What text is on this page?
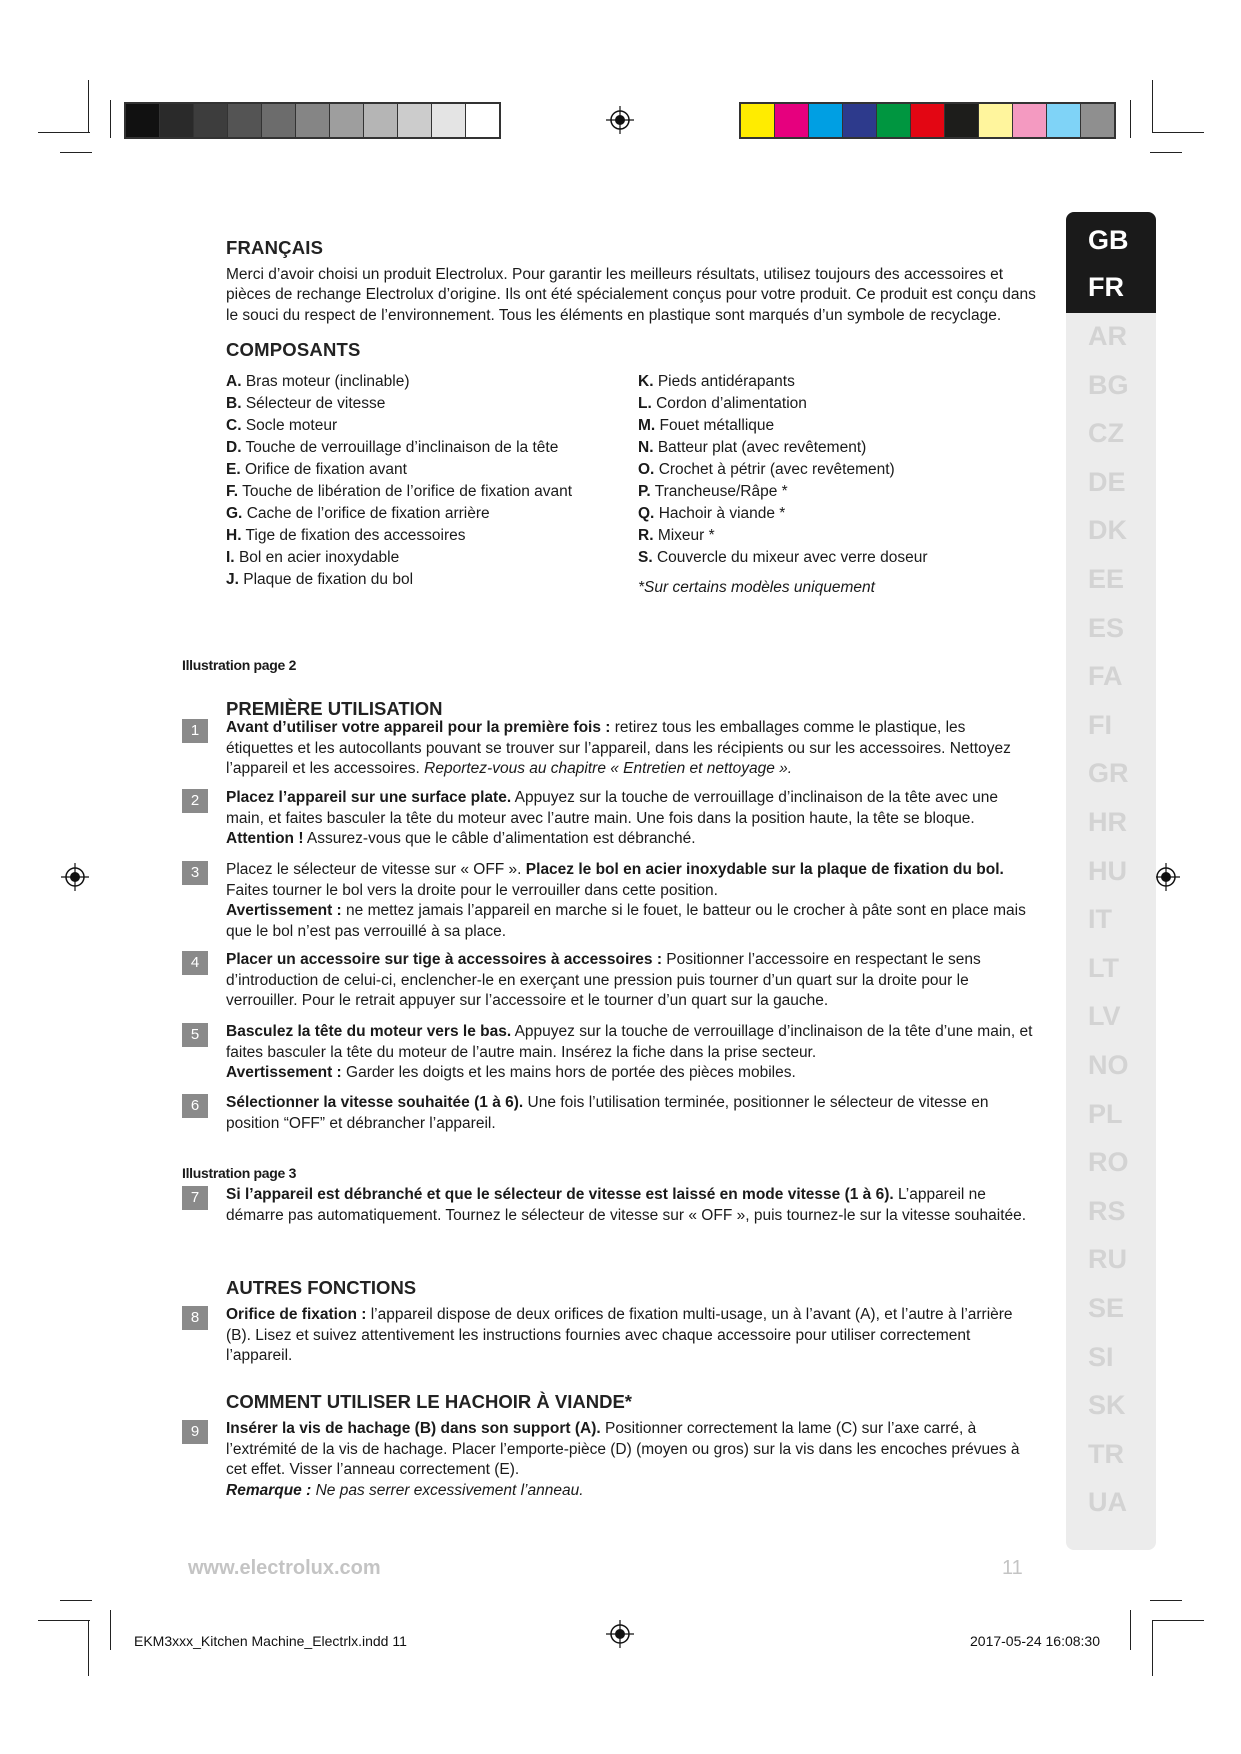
GB
FR
AR
BG
CZ
DE
DK
EE
ES
FA
FI
GR
HR
HU
IT
LT
LV
NO
PL
RO
RS
RU
SE
SI
SK
TR
UA
FRANÇAIS

Merci d’avoir choisi un produit Electrolux. Pour garantir les meilleurs résultats, utilisez toujours des accessoires et pièces de rechange Electrolux d’origine. Ils ont été spécialement conçus pour votre produit. Ce produit est conçu dans le souci du respect de l’environnement. Tous les éléments en plastique sont marqués d’un symbole de recyclage.

COMPOSANTS
A. Bras moteur (inclinable)
B. Sélecteur de vitesse
C. Socle moteur
D. Touche de verrouillage d’inclinaison de la tête
E. Orifice de fixation avant
F. Touche de libération de l’orifice de fixation avant
G. Cache de l’orifice de fixation arrière
H. Tige de fixation des accessoires
I. Bol en acier inoxydable
J. Plaque de fixation du bol
K. Pieds antidérapants
L. Cordon d’alimentation
M. Fouet métallique
N. Batteur plat (avec revêtement)
O. Crochet à pétrir (avec revêtement)
P. Trancheuse/Râpe *
Q. Hachoir à viande *
R. Mixeur *
S. Couvercle du mixeur avec verre doseur
*Sur certains modèles uniquement
Illustration page 2
PREMIÈRE UTILISATION
1	Avant d’utiliser votre appareil pour la première fois : retirez tous les emballages comme le plastique, les étiquettes et les autocollants pouvant se trouver sur l’appareil, dans les récipients ou sur les accessoires. Nettoyez l’appareil et les accessoires. Reportez-vous au chapitre « Entretien et nettoyage ».
2	Placez l’appareil sur une surface plate. Appuyez sur la touche de verrouillage d’inclinaison de la tête avec une main, et faites basculer la tête du moteur avec l’autre main. Une fois dans la position haute, la tête se bloque.
Attention ! Assurez-vous que le câble d’alimentation est débranché.
3	Placez le sélecteur de vitesse sur « OFF ». Placez le bol en acier inoxydable sur la plaque de fixation du bol. Faites tourner le bol vers la droite pour le verrouiller dans cette position.
Avertissement : ne mettez jamais l’appareil en marche si le fouet, le batteur ou le crocher à pâte sont en place mais que le bol n’est pas verrouillé à sa place.
4	Placer un accessoire sur tige à accessoires à accessoires : Positionner l’accessoire en respectant le sens d’introduction de celui-ci, enclencher-le en exerçant une pression puis tourner d’un quart sur la droite pour le verrouiller. Pour le retrait appuyer sur l’accessoire et le tourner d’un quart sur la gauche.
5	Basculez la tête du moteur vers le bas. Appuyez sur la touche de verrouillage d’inclinaison de la tête d’une main, et faites basculer la tête du moteur de l’autre main. Insérez la fiche dans la prise secteur.
Avertissement : Garder les doigts et les mains hors de portée des pièces mobiles.
6	Sélectionner la vitesse souhaitée (1 à 6). Une fois l’utilisation terminée, positionner le sélecteur de vitesse en position “OFF” et débrancher l’appareil.
7	Si l’appareil est débranché et que le sélecteur de vitesse est laissé en mode vitesse (1 à 6). L’appareil ne démarre pas automatiquement. Tournez le sélecteur de vitesse sur « OFF », puis tournez-le sur la vitesse souhaitée.
Illustration page 3
AUTRES FONCTIONS
8	Orifice de fixation : l’appareil dispose de deux orifices de fixation multi-usage, un à l’avant (A), et l’autre à l’arrière (B). Lisez et suivez attentivement les instructions fournies avec chaque accessoire pour utiliser correctement l’appareil.
COMMENT UTILISER LE HACHOIR À VIANDE*
9	Insérer la vis de hachage (B) dans son support (A). Positionner correctement la lame (C) sur l’axe carré, à l’extrémité de la vis de hachage. Placer l’emporte-pièce (D) (moyen ou gros) sur la vis dans les encoches prévues à cet effet. Visser l’anneau correctement (E).
Remarque : Ne pas serrer excessivement l’anneau.
www.electrolux.com	11
EKM3xxx_Kitchen Machine_Electrlx.indd 11	2017-05-24 16:08:30
